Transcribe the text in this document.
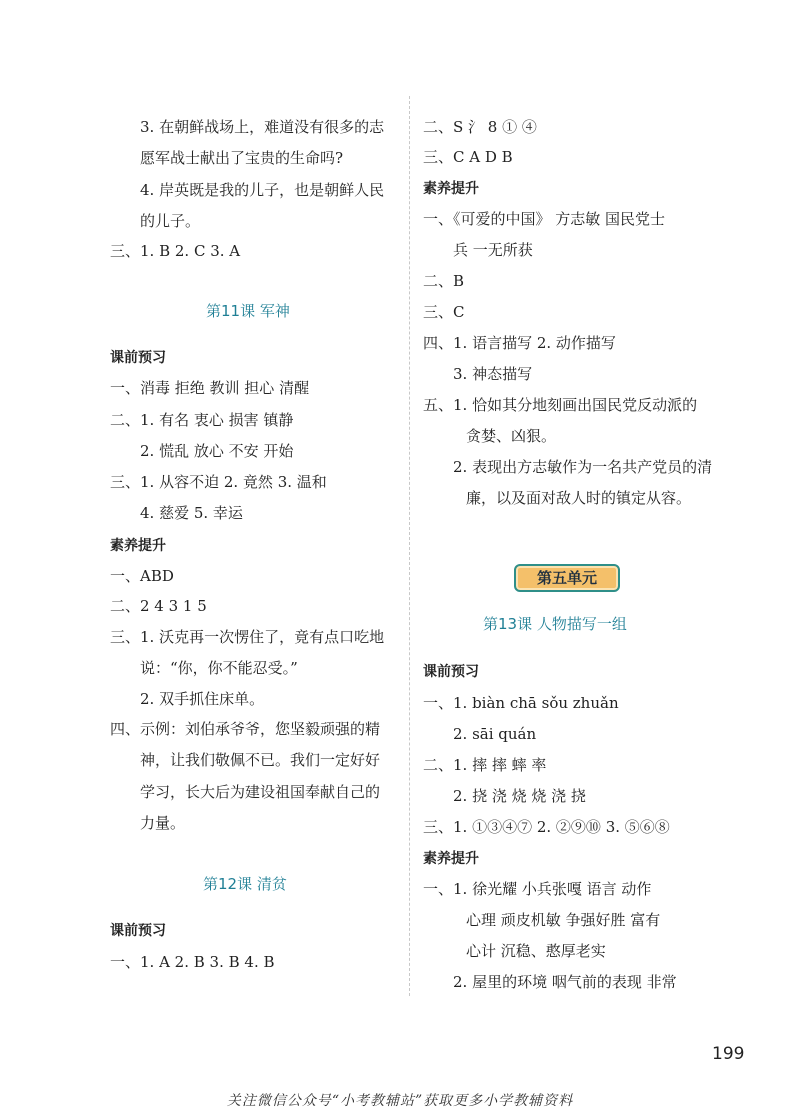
3. 在朝鲜战场上，难道没有很多的志
愿军战士献出了宝贵的生命吗?
4. 岸英既是我的儿子，也是朝鲜人民
的儿子。
三、1. B 2. C 3. A
第11课 军神
课前预习
一、消毒 拒绝 教训 担心 清醒
二、1. 有名 衷心 损害 镇静
2. 慌乱 放心 不安 开始
三、1. 从容不迫 2. 竟然 3. 温和
4. 慈爱 5. 幸运
素养提升
一、ABD
二、2 4 3 1 5
三、1. 沃克再一次愣住了，竟有点口吃地
说：“你，你不能忍受。”
2. 双手抓住床单。
四、示例：刘伯承爷爷，您坚毅顽强的精
神，让我们敬佩不已。我们一定好好
学习，长大后为建设祖国奉献自己的
力量。
第12课 清贫
课前预习
一、1. A 2. B 3. B 4. B
二、S 氵 8 ① ④
三、C A D B
素养提升
一、《可爱的中国》 方志敏 国民党士
兵 一无所获
二、B
三、C
四、1. 语言描写 2. 动作描写
3. 神态描写
五、1. 恰如其分地刻画出国民党反动派的
贪婪、凶狠。
2. 表现出方志敏作为一名共产党员的清
廉，以及面对敌人时的镇定从容。
第五单元
第13课 人物描写一组
课前预习
一、1. biàn chā sǒu zhuǎn
2. sāi quán
二、1. 摔 摔 蟀 率
2. 挠 浇 烧 烧 浇 挠
三、1. ①③④⑦ 2. ②⑨⑩ 3. ⑤⑥⑧
素养提升
一、1. 徐光耀 小兵张嘎 语言 动作
心理 顽皮机敏 争强好胜 富有
心计 沉稳、憨厚老实
2. 屋里的环境 咽气前的表现 非常
199
关注微信公众号“小考教辅站”获取更多小学教辅资料
